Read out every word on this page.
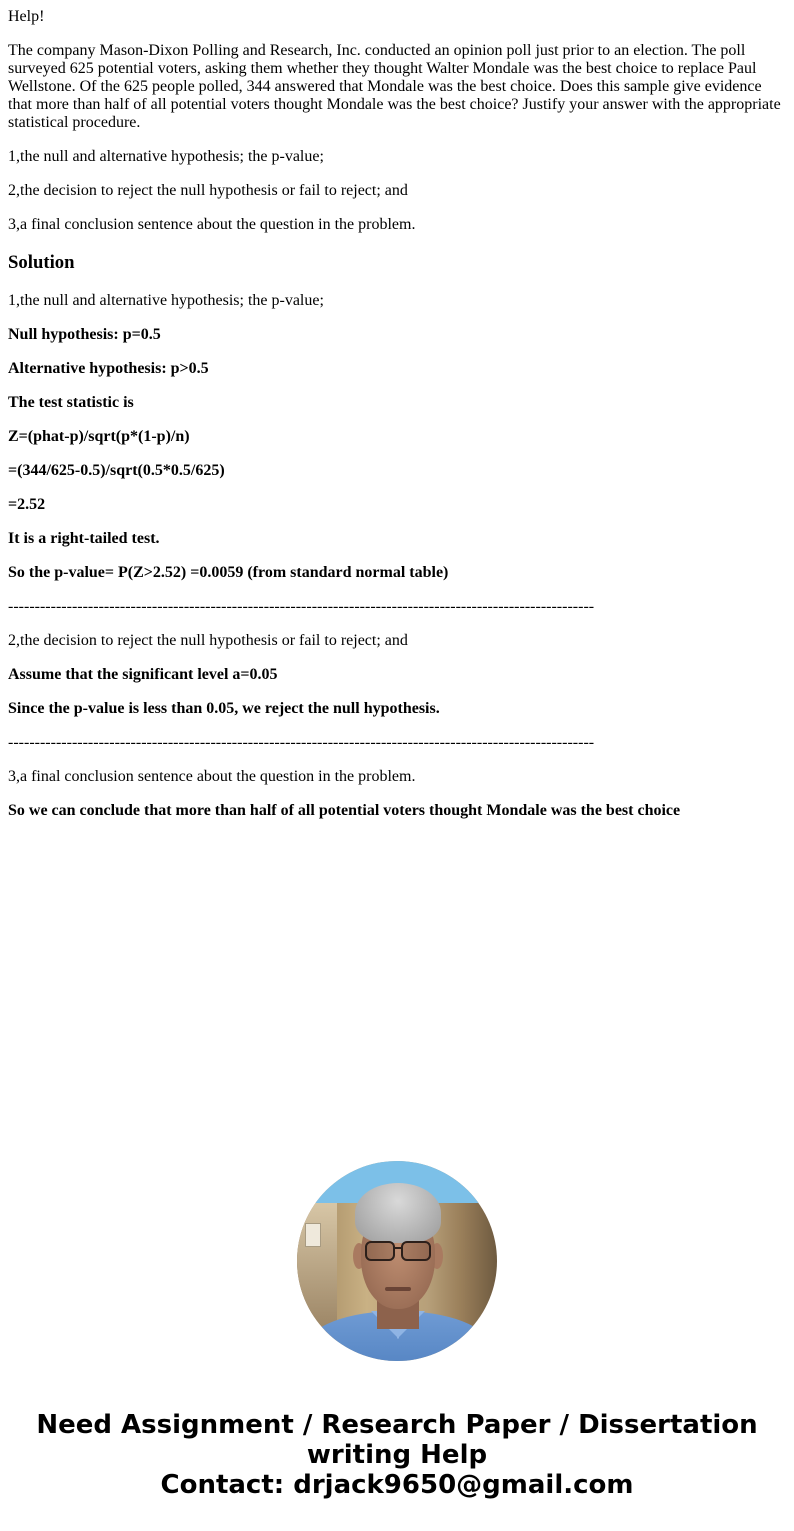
Help!

The company Mason-Dixon Polling and Research, Inc. conducted an opinion poll just prior to an election. The poll surveyed 625 potential voters, asking them whether they thought Walter Mondale was the best choice to replace Paul Wellstone. Of the 625 people polled, 344 answered that Mondale was the best choice. Does this sample give evidence that more than half of all potential voters thought Mondale was the best choice? Justify your answer with the appropriate statistical procedure.

1,the null and alternative hypothesis; the p-value;

2,the decision to reject the null hypothesis or fail to reject; and

3,a final conclusion sentence about the question in the problem.

Solution

1,the null and alternative hypothesis; the p-value;

Null hypothesis: p=0.5

Alternative hypothesis: p>0.5

The test statistic is

Z=(phat-p)/sqrt(p*(1-p)/n)

=(344/625-0.5)/sqrt(0.5*0.5/625)

=2.52

It is a right-tailed test.

So the p-value= P(Z>2.52) =0.0059 (from standard normal table)

--------------------------------------------------------------------------------------------------------------

2,the decision to reject the null hypothesis or fail to reject; and

Assume that the significant level a=0.05

Since the p-value is less than 0.05, we reject the null hypothesis.

--------------------------------------------------------------------------------------------------------------

3,a final conclusion sentence about the question in the problem.

So we can conclude that more than half of all potential voters thought Mondale was the best choice

Need Assignment / Research Paper / Dissertation
writing Help
Contact: drjack9650@gmail.com
